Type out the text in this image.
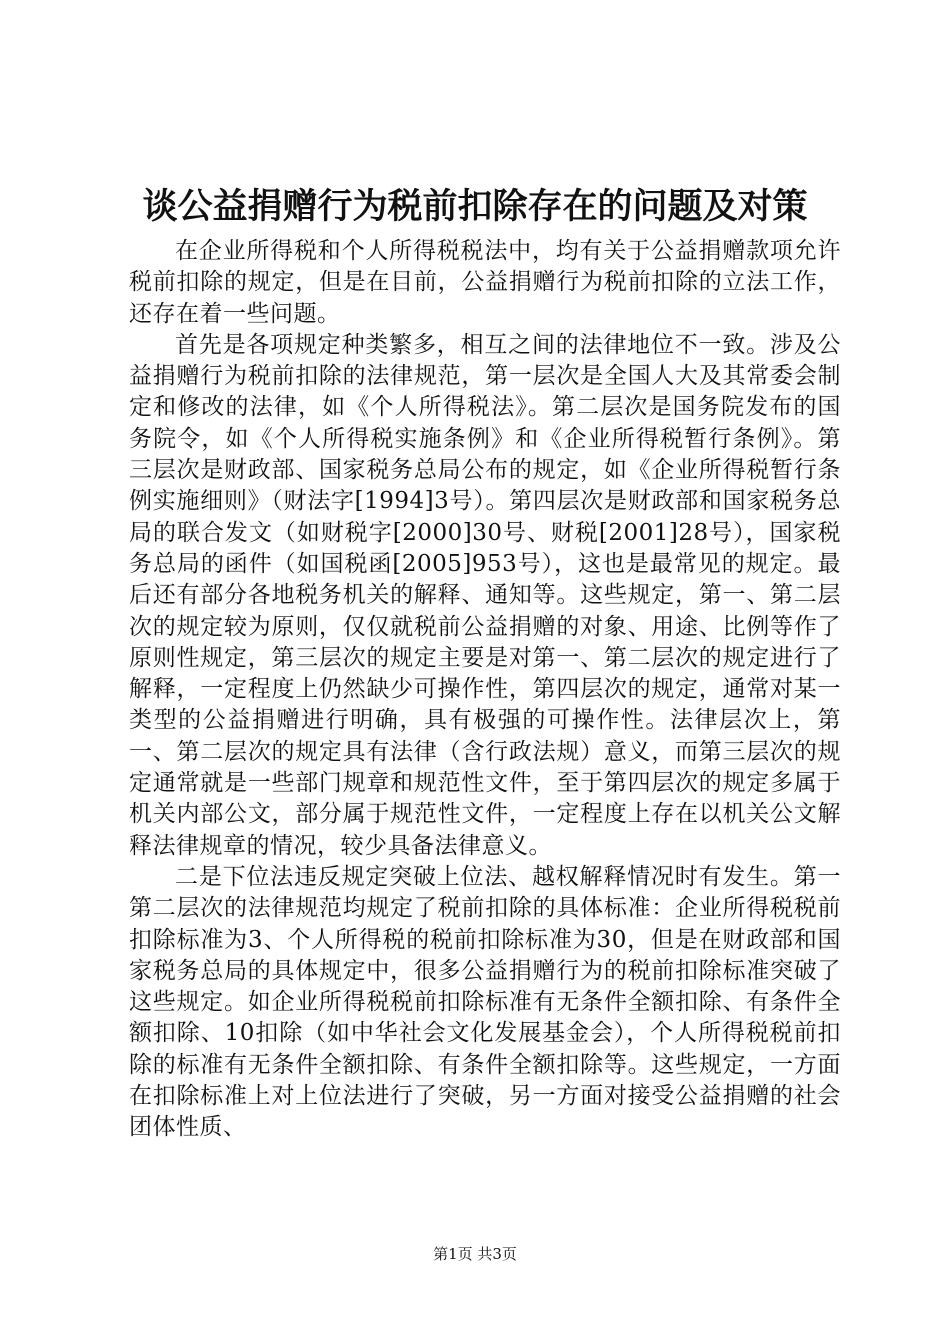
谈公益捐赠行为税前扣除存在的问题及对策

在企业所得税和个人所得税税法中，均有关于公益捐赠款项允许税前扣除的规定，但是在目前，公益捐赠行为税前扣除的立法工作，还存在着一些问题。

首先是各项规定种类繁多，相互之间的法律地位不一致。涉及公益捐赠行为税前扣除的法律规范，第一层次是全国人大及其常委会制定和修改的法律，如《个人所得税法》。第二层次是国务院发布的国务院令，如《个人所得税实施条例》和《企业所得税暂行条例》。第三层次是财政部、国家税务总局公布的规定，如《企业所得税暂行条例实施细则》（财法字[1994]3号）。第四层次是财政部和国家税务总局的联合发文（如财税字[2000]30号、财税[2001]28号），国家税务总局的函件（如国税函[2005]953号），这也是最常见的规定。最后还有部分各地税务机关的解释、通知等。这些规定，第一、第二层次的规定较为原则，仅仅就税前公益捐赠的对象、用途、比例等作了原则性规定，第三层次的规定主要是对第一、第二层次的规定进行了解释，一定程度上仍然缺少可操作性，第四层次的规定，通常对某一类型的公益捐赠进行明确，具有极强的可操作性。法律层次上，第一、第二层次的规定具有法律（含行政法规）意义，而第三层次的规定通常就是一些部门规章和规范性文件，至于第四层次的规定多属于机关内部公文，部分属于规范性文件，一定程度上存在以机关公文解释法律规章的情况，较少具备法律意义。

二是下位法违反规定突破上位法、越权解释情况时有发生。第一第二层次的法律规范均规定了税前扣除的具体标准：企业所得税税前扣除标准为3、个人所得税的税前扣除标准为30，但是在财政部和国家税务总局的具体规定中，很多公益捐赠行为的税前扣除标准突破了这些规定。如企业所得税税前扣除标准有无条件全额扣除、有条件全额扣除、10扣除（如中华社会文化发展基金会），个人所得税税前扣除的标准有无条件全额扣除、有条件全额扣除等。这些规定，一方面在扣除标准上对上位法进行了突破，另一方面对接受公益捐赠的社会团体性质、

第1页 共3页
